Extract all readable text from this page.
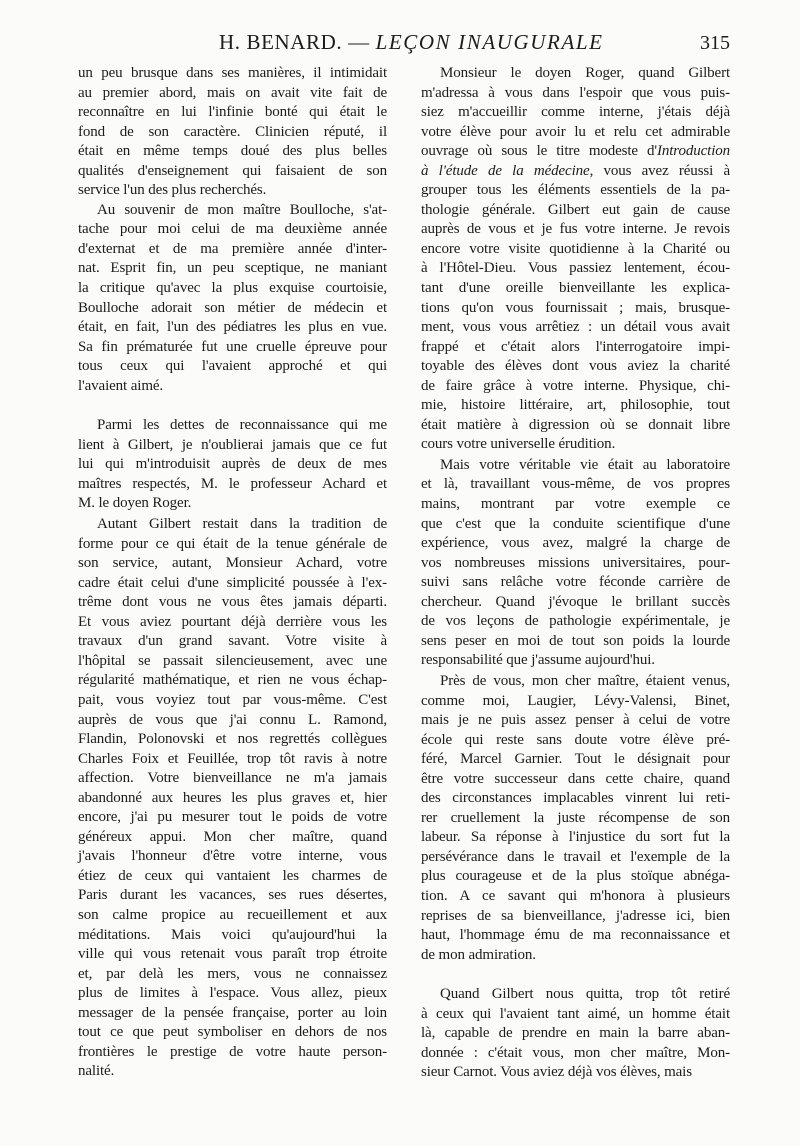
H. BENARD. — LEÇON INAUGURALE	315
un peu brusque dans ses manières, il intimidait
au premier abord, mais on avait vite fait de
reconnaître en lui l'infinie bonté qui était le
fond de son caractère. Clinicien réputé, il
était en même temps doué des plus belles
qualités d'enseignement qui faisaient de son
service l'un des plus recherchés.
Au souvenir de mon maître Boulloche, s'at-
tache pour moi celui de ma deuxième année
d'externat et de ma première année d'inter-
nat. Esprit fin, un peu sceptique, ne maniant
la critique qu'avec la plus exquise courtoisie,
Boulloche adorait son métier de médecin et
était, en fait, l'un des pédiatres les plus en vue.
Sa fin prématurée fut une cruelle épreuve pour
tous ceux qui l'avaient approché et qui
l'avaient aimé.
Parmi les dettes de reconnaissance qui me
lient à Gilbert, je n'oublierai jamais que ce fut
lui qui m'introduisit auprès de deux de mes
maîtres respectés, M. le professeur Achard et
M. le doyen Roger.
Autant Gilbert restait dans la tradition de
forme pour ce qui était de la tenue générale de
son service, autant, Monsieur Achard, votre
cadre était celui d'une simplicité poussée à l'ex-
trême dont vous ne vous êtes jamais départi.
Et vous aviez pourtant déjà derrière vous les
travaux d'un grand savant. Votre visite à
l'hôpital se passait silencieusement, avec une
régularité mathématique, et rien ne vous échap-
pait, vous voyiez tout par vous-même. C'est
auprès de vous que j'ai connu L. Ramond,
Flandin, Polonovski et nos regrettés collègues
Charles Foix et Feuillée, trop tôt ravis à notre
affection. Votre bienveillance ne m'a jamais
abandonné aux heures les plus graves et, hier
encore, j'ai pu mesurer tout le poids de votre
généreux appui. Mon cher maître, quand
j'avais l'honneur d'être votre interne, vous
étiez de ceux qui vantaient les charmes de
Paris durant les vacances, ses rues désertes,
son calme propice au recueillement et aux
méditations. Mais voici qu'aujourd'hui la
ville qui vous retenait vous paraît trop étroite
et, par delà les mers, vous ne connaissez
plus de limites à l'espace. Vous allez, pieux
messager de la pensée française, porter au loin
tout ce que peut symboliser en dehors de nos
frontières le prestige de votre haute person-
nalité.
Monsieur le doyen Roger, quand Gilbert
m'adressa à vous dans l'espoir que vous puis-
siez m'accueillir comme interne, j'étais déjà
votre élève pour avoir lu et relu cet admirable
ouvrage où sous le titre modeste d'Introduction
à l'étude de la médecine, vous avez réussi à
grouper tous les éléments essentiels de la pa-
thologie générale. Gilbert eut gain de cause
auprès de vous et je fus votre interne. Je revois
encore votre visite quotidienne à la Charité ou
à l'Hôtel-Dieu. Vous passiez lentement, écou-
tant d'une oreille bienveillante les explica-
tions qu'on vous fournissait ; mais, brusque-
ment, vous vous arrêtiez : un détail vous avait
frappé et c'était alors l'interrogatoire impi-
toyable des élèves dont vous aviez la charité
de faire grâce à votre interne. Physique, chi-
mie, histoire littéraire, art, philosophie, tout
était matière à digression où se donnait libre
cours votre universelle érudition.
Mais votre véritable vie était au laboratoire
et là, travaillant vous-même, de vos propres
mains, montrant par votre exemple ce
que c'est que la conduite scientifique d'une
expérience, vous avez, malgré la charge de
vos nombreuses missions universitaires, pour-
suivi sans relâche votre féconde carrière de
chercheur. Quand j'évoque le brillant succès
de vos leçons de pathologie expérimentale, je
sens peser en moi de tout son poids la lourde
responsabilité que j'assume aujourd'hui.
Près de vous, mon cher maître, étaient venus,
comme moi, Laugier, Lévy-Valensi, Binet,
mais je ne puis assez penser à celui de votre
école qui reste sans doute votre élève pré-
féré, Marcel Garnier. Tout le désignait pour
être votre successeur dans cette chaire, quand
des circonstances implacables vinrent lui reti-
rer cruellement la juste récompense de son
labeur. Sa réponse à l'injustice du sort fut la
persévérance dans le travail et l'exemple de la
plus courageuse et de la plus stoïque abnéga-
tion. A ce savant qui m'honora à plusieurs
reprises de sa bienveillance, j'adresse ici, bien
haut, l'hommage ému de ma reconnaissance et
de mon admiration.
Quand Gilbert nous quitta, trop tôt retiré
à ceux qui l'avaient tant aimé, un homme était
là, capable de prendre en main la barre aban-
donnée : c'était vous, mon cher maître, Mon-
sieur Carnot. Vous aviez déjà vos élèves, mais
